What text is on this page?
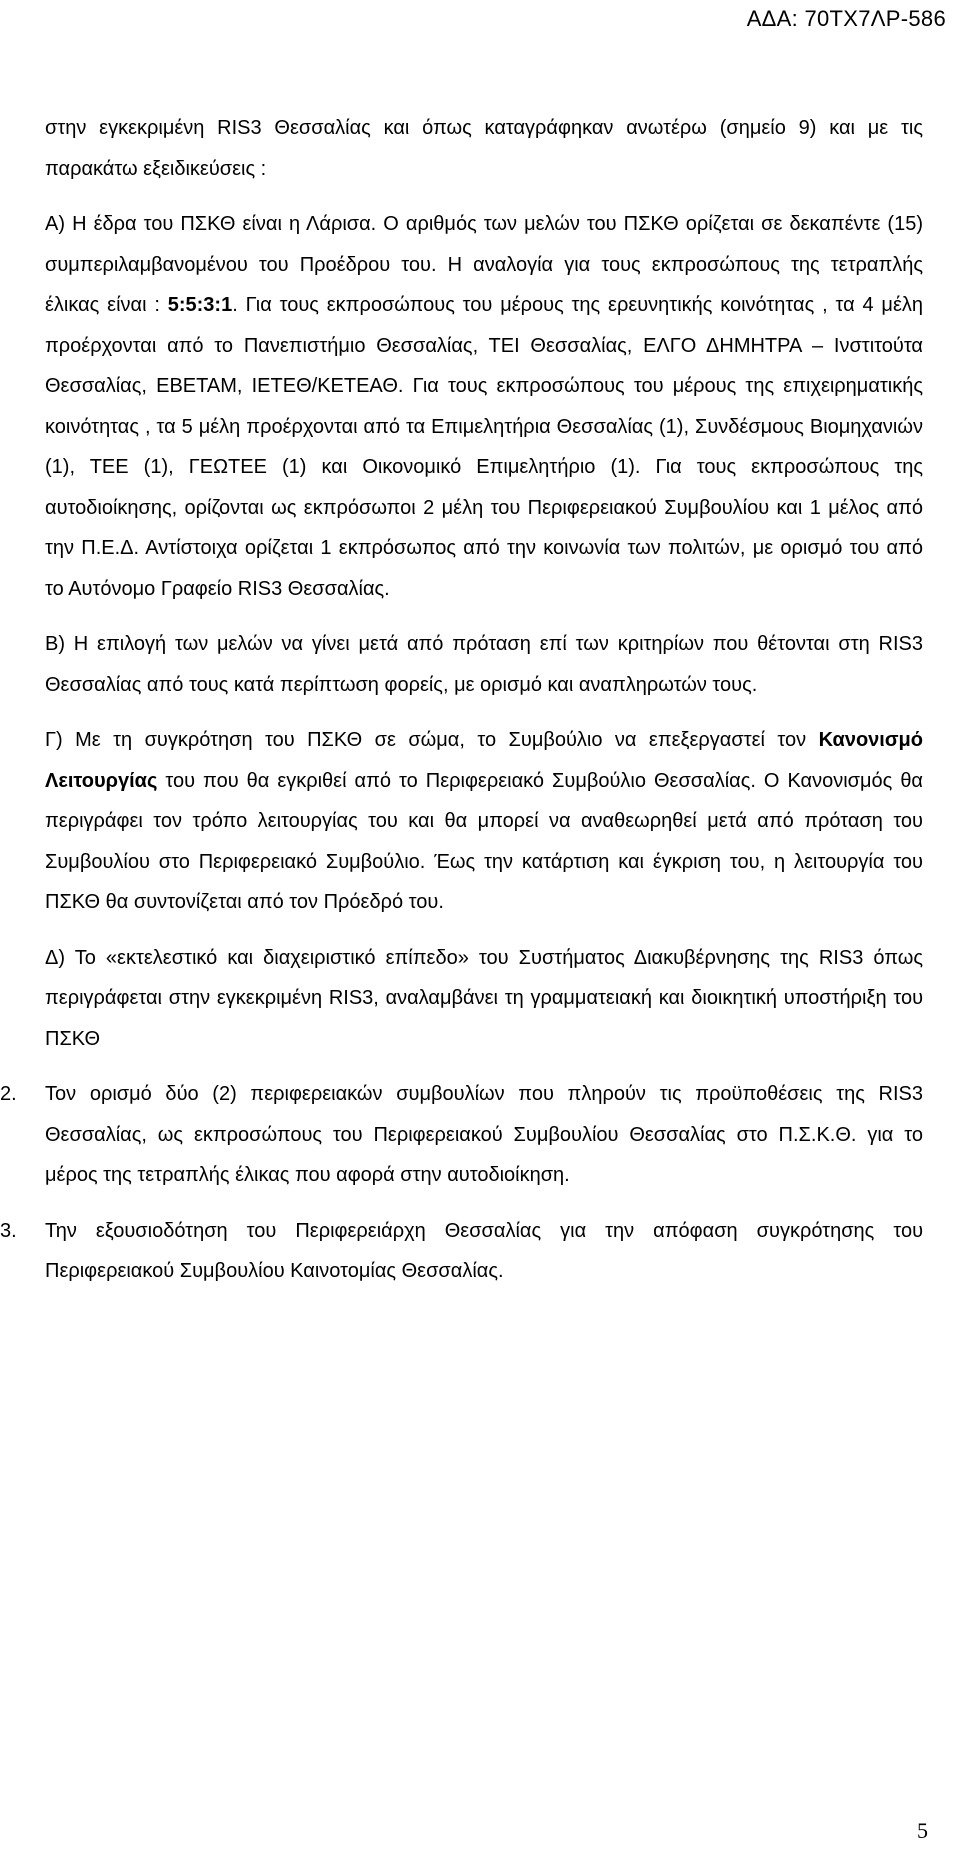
ΑΔΑ: 70ΤΧ7ΛΡ-586

στην εγκεκριμένη RIS3 Θεσσαλίας και όπως καταγράφηκαν ανωτέρω (σημείο 9) και με τις παρακάτω εξειδικεύσεις :

Α) Η έδρα του ΠΣΚΘ είναι η Λάρισα. Ο αριθμός των μελών του ΠΣΚΘ ορίζεται σε δεκαπέντε (15) συμπεριλαμβανομένου του Προέδρου του. Η αναλογία για τους εκπροσώπους της τετραπλής έλικας είναι : 5:5:3:1. Για τους εκπροσώπους του μέρους της ερευνητικής κοινότητας , τα 4 μέλη προέρχονται από το Πανεπιστήμιο Θεσσαλίας, ΤΕΙ Θεσσαλίας, ΕΛΓΟ ΔΗΜΗΤΡΑ – Ινστιτούτα Θεσσαλίας, ΕΒΕΤΑΜ, ΙΕΤΕΘ/ΚΕΤΕΑΘ. Για τους εκπροσώπους του μέρους της επιχειρηματικής κοινότητας , τα 5 μέλη προέρχονται από τα Επιμελητήρια Θεσσαλίας (1), Συνδέσμους Βιομηχανιών (1), ΤΕΕ (1), ΓΕΩΤΕΕ (1) και Οικονομικό Επιμελητήριο (1). Για τους εκπροσώπους της αυτοδιοίκησης, ορίζονται ως εκπρόσωποι 2 μέλη του Περιφερειακού Συμβουλίου και 1 μέλος από την Π.Ε.Δ. Αντίστοιχα ορίζεται 1 εκπρόσωπος από την κοινωνία των πολιτών, με ορισμό του από το Αυτόνομο Γραφείο RIS3 Θεσσαλίας.

Β) Η επιλογή των μελών να γίνει μετά από πρόταση επί των κριτηρίων που θέτονται στη RIS3 Θεσσαλίας από τους κατά περίπτωση φορείς, με ορισμό και αναπληρωτών τους.

Γ) Με τη συγκρότηση του ΠΣΚΘ σε σώμα, το Συμβούλιο να επεξεργαστεί τον Κανονισμό Λειτουργίας του που θα εγκριθεί από το Περιφερειακό Συμβούλιο Θεσσαλίας. Ο Κανονισμός θα περιγράφει τον τρόπο λειτουργίας του και θα μπορεί να αναθεωρηθεί μετά από πρόταση του Συμβουλίου στο Περιφερειακό Συμβούλιο. Έως την κατάρτιση και έγκριση του, η λειτουργία του ΠΣΚΘ θα συντονίζεται από τον Πρόεδρό του.

Δ) Το «εκτελεστικό και διαχειριστικό επίπεδο» του Συστήματος Διακυβέρνησης της RIS3 όπως περιγράφεται στην εγκεκριμένη RIS3, αναλαμβάνει τη γραμματειακή και διοικητική υποστήριξη του ΠΣΚΘ

2.	Τον ορισμό δύο (2) περιφερειακών συμβουλίων που πληρούν τις προϋποθέσεις της RIS3 Θεσσαλίας, ως εκπροσώπους του Περιφερειακού Συμβουλίου Θεσσαλίας στο Π.Σ.Κ.Θ. για το μέρος της τετραπλής έλικας που αφορά στην αυτοδιοίκηση.
3.	Την εξουσιοδότηση του Περιφερειάρχη Θεσσαλίας για την απόφαση συγκρότησης του Περιφερειακού Συμβουλίου Καινοτομίας Θεσσαλίας.
5
